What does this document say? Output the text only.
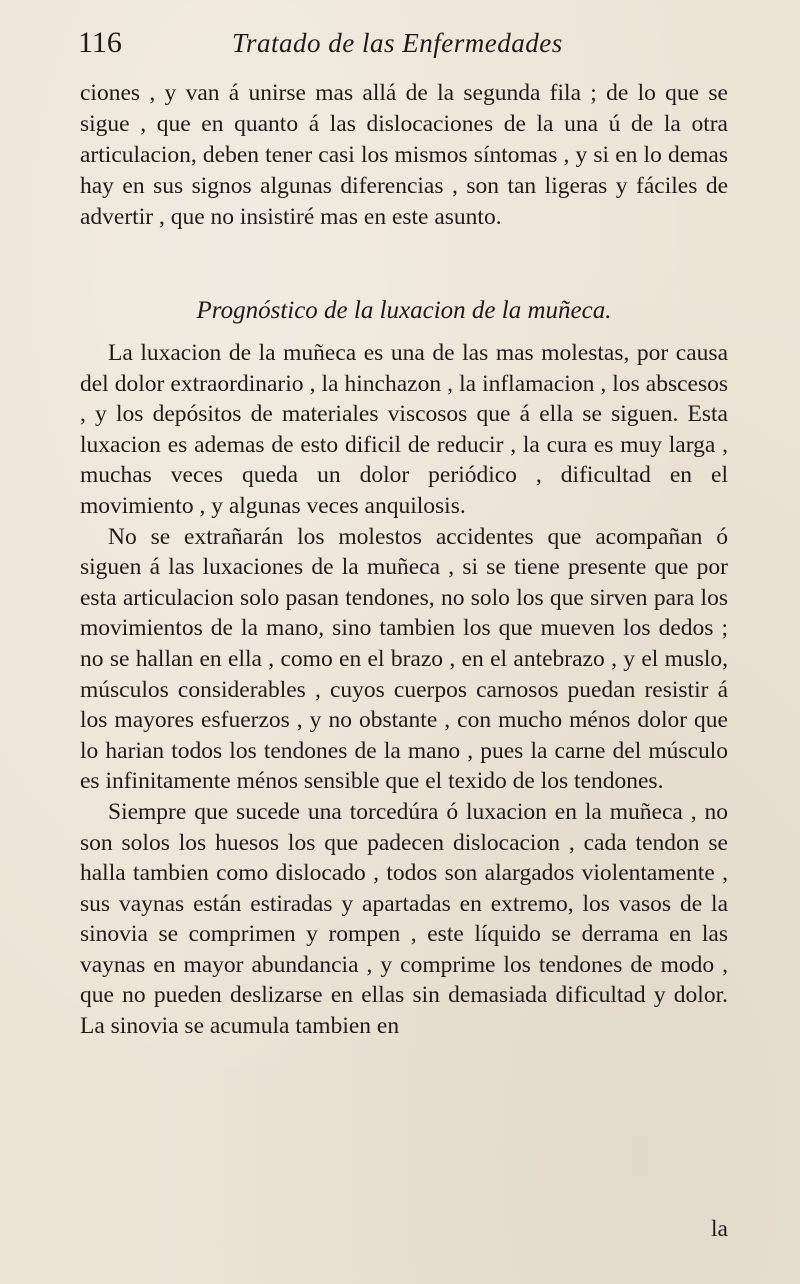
116	Tratado de las Enfermedades
ciones , y van á unirse mas allá de la segunda fila ; de lo que se sigue , que en quanto á las dislocaciones de la una ú de la otra articulacion, deben tener casi los mismos síntomas , y si en lo demas hay en sus signos algunas diferencias , son tan ligeras y fáciles de advertir , que no insistiré mas en este asunto.
Prognóstico de la luxacion de la muñeca.

La luxacion de la muñeca es una de las mas molestas, por causa del dolor extraordinario , la hinchazon , la inflamacion , los abscesos , y los depósitos de materiales viscosos que á ella se siguen. Esta luxacion es ademas de esto dificil de reducir , la cura es muy larga , muchas veces queda un dolor periódico , dificultad en el movimiento , y algunas veces anquilosis.

No se extrañarán los molestos accidentes que acompañan ó siguen á las luxaciones de la muñeca , si se tiene presente que por esta articulacion solo pasan tendones, no solo los que sirven para los movimientos de la mano, sino tambien los que mueven los dedos ; no se hallan en ella , como en el brazo , en el antebrazo , y el muslo, músculos considerables , cuyos cuerpos carnosos puedan resistir á los mayores esfuerzos , y no obstante , con mucho ménos dolor que lo harian todos los tendones de la mano , pues la carne del músculo es infinitamente ménos sensible que el texido de los tendones.

Siempre que sucede una torcedúra ó luxacion en la muñeca , no son solos los huesos los que padecen dislocacion , cada tendon se halla tambien como dislocado , todos son alargados violentamente , sus vaynas están estiradas y apartadas en extremo, los vasos de la sinovia se comprimen y rompen , este líquido se derrama en las vaynas en mayor abundancia , y comprime los tendones de modo , que no pueden deslizarse en ellas sin demasiada dificultad y dolor. La sinovia se acumula tambien en

la
